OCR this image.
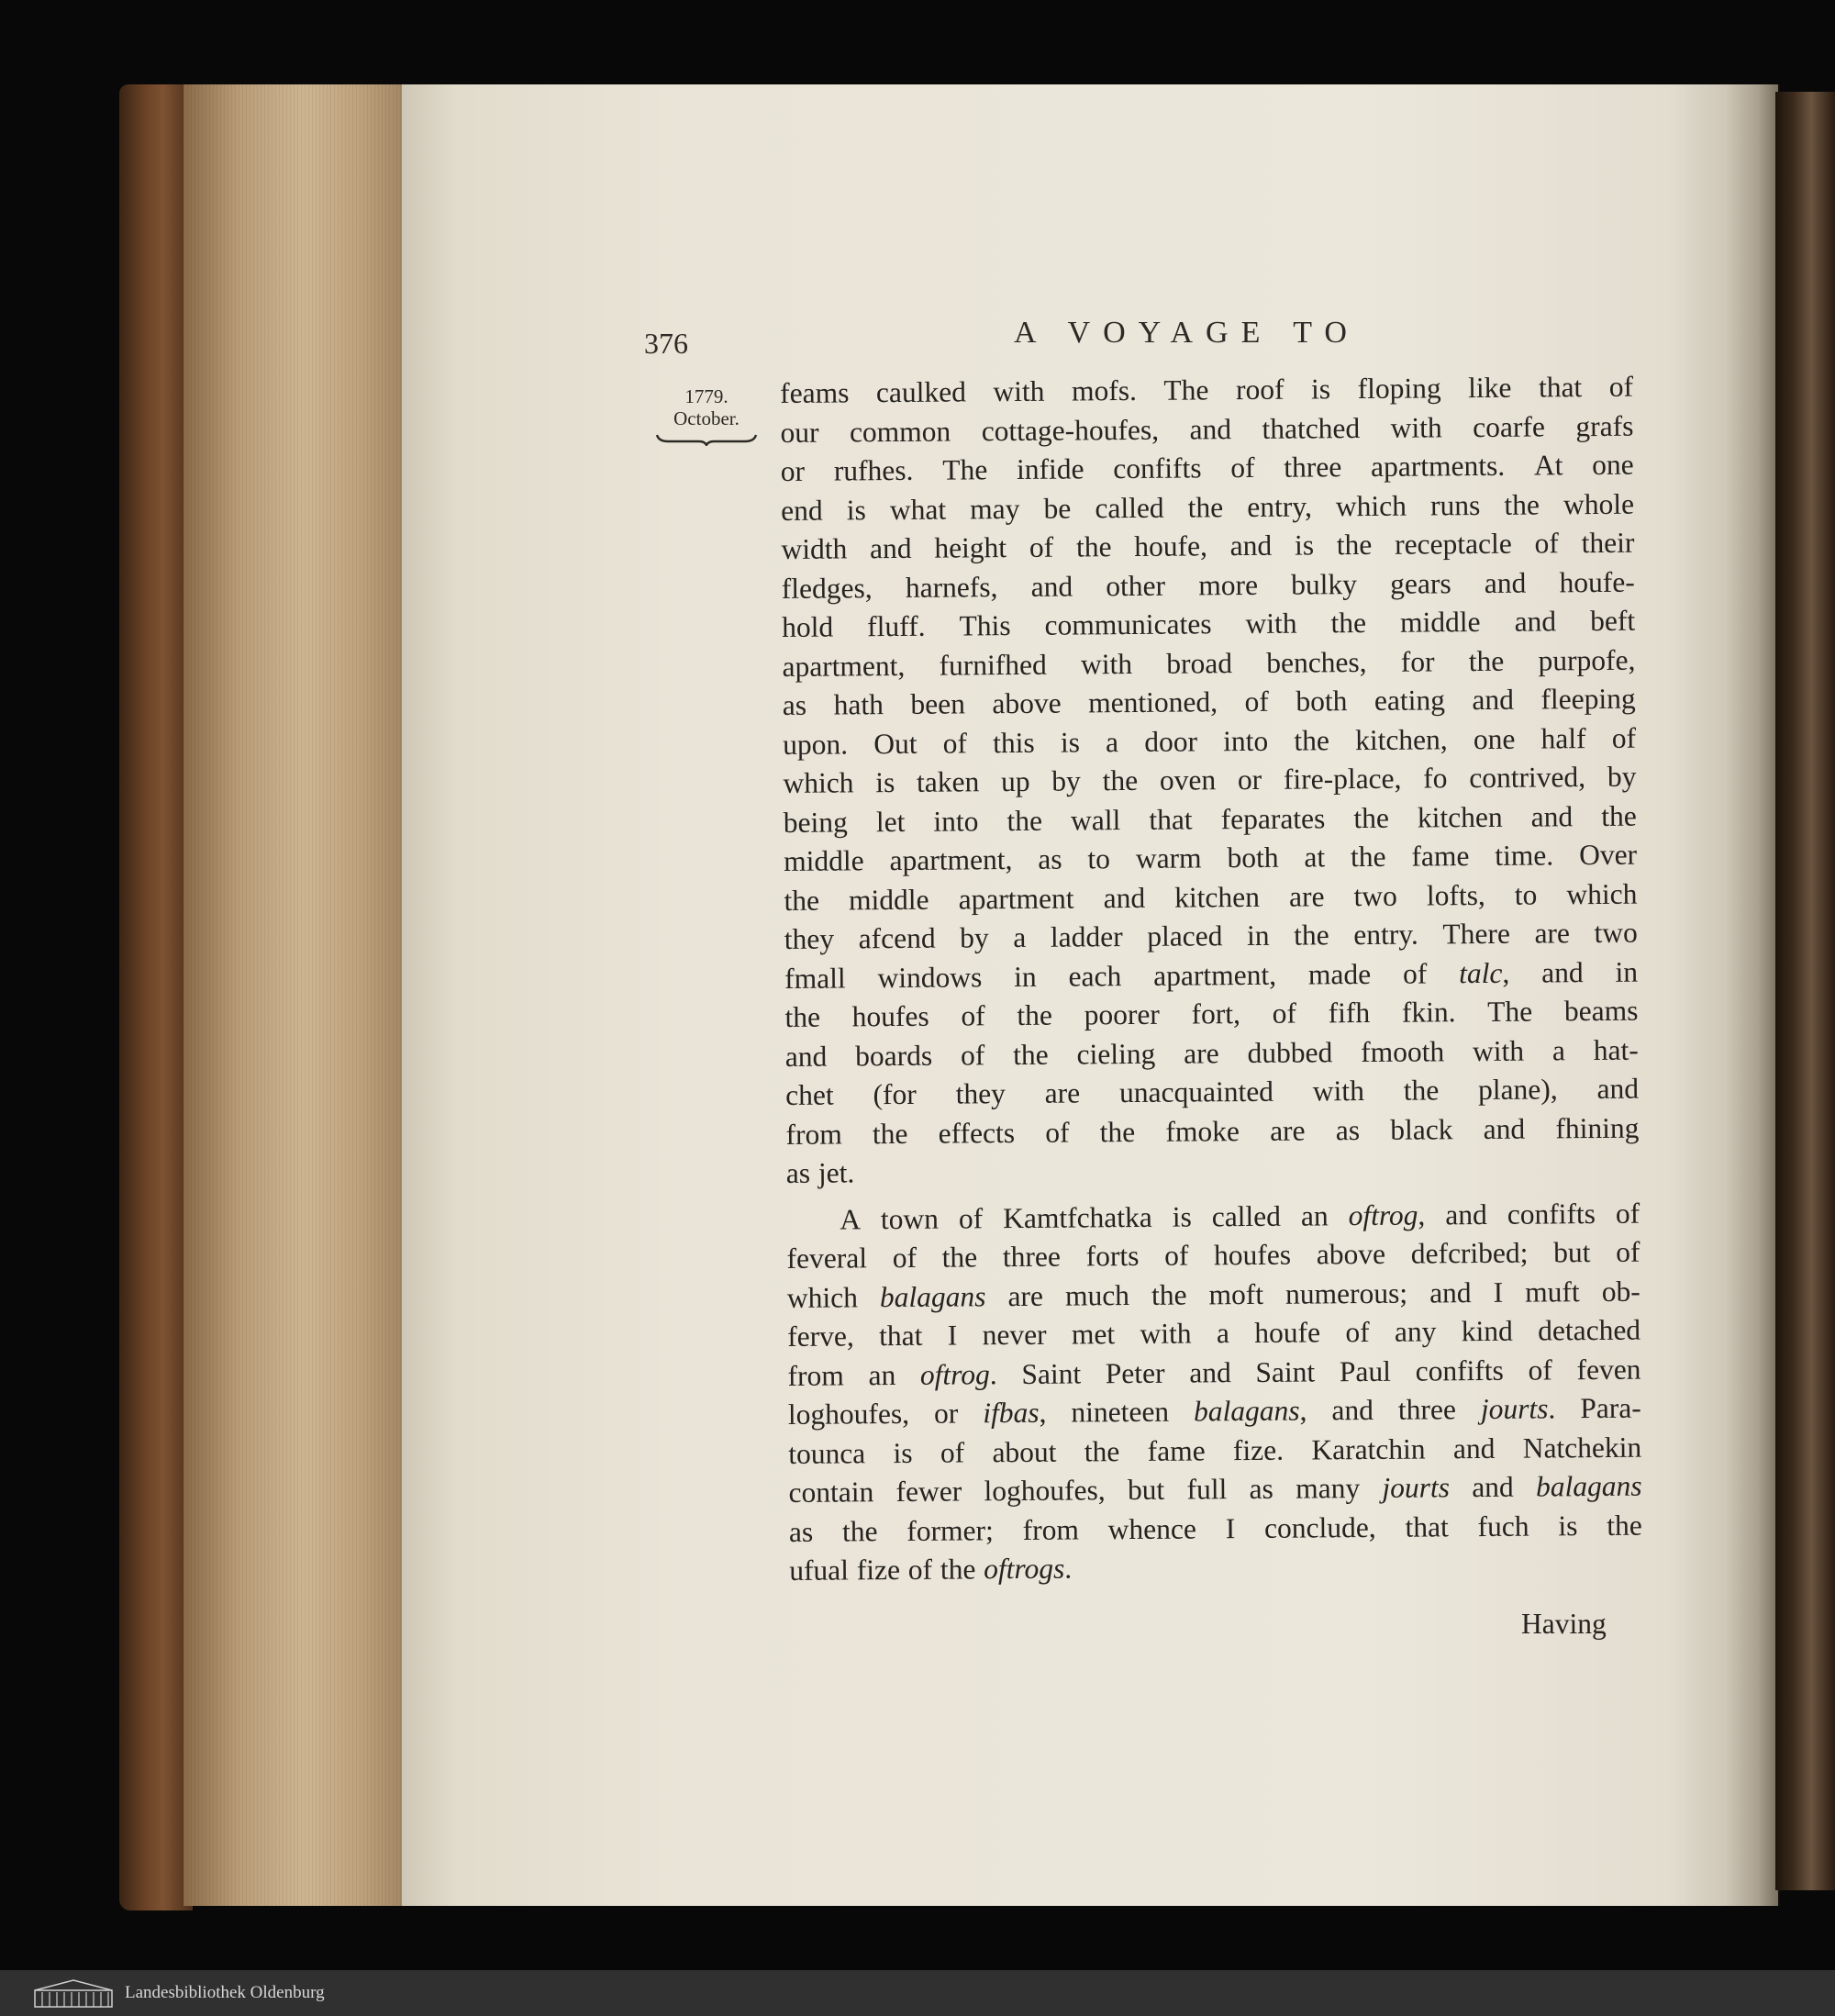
376	A VOYAGE TO
1779.
October.
feams caulked with mofs. The roof is floping like that of
our common cottage-houfes, and thatched with coarfe grafs
or rufhes. The infide confifts of three apartments. At one
end is what may be called the entry, which runs the whole
width and height of the houfe, and is the receptacle of their
fledges, harnefs, and other more bulky gears and houfe-
hold fluff. This communicates with the middle and beft
apartment, furnifhed with broad benches, for the purpofe,
as hath been above mentioned, of both eating and fleeping
upon. Out of this is a door into the kitchen, one half of
which is taken up by the oven or fire-place, fo contrived, by
being let into the wall that feparates the kitchen and the
middle apartment, as to warm both at the fame time. Over
the middle apartment and kitchen are two lofts, to which
they afcend by a ladder placed in the entry. There are two
fmall windows in each apartment, made of talc, and in
the houfes of the poorer fort, of fifh fkin. The beams
and boards of the cieling are dubbed fmooth with a hat-
chet (for they are unacquainted with the plane), and
from the effects of the fmoke are as black and fhining
as jet.
A town of Kamtfchatka is called an oftrog, and confifts of
feveral of the three forts of houfes above defcribed; but of
which balagans are much the moft numerous; and I muft ob-
ferve, that I never met with a houfe of any kind detached
from an oftrog. Saint Peter and Saint Paul confifts of feven
loghoufes, or ifbas, nineteen balagans, and three jourts. Para-
tounca is of about the fame fize. Karatchin and Natchekin
contain fewer loghoufes, but full as many jourts and balagans
as the former; from whence I conclude, that fuch is the
ufual fize of the oftrogs.
Having
Landesbibliothek Oldenburg
